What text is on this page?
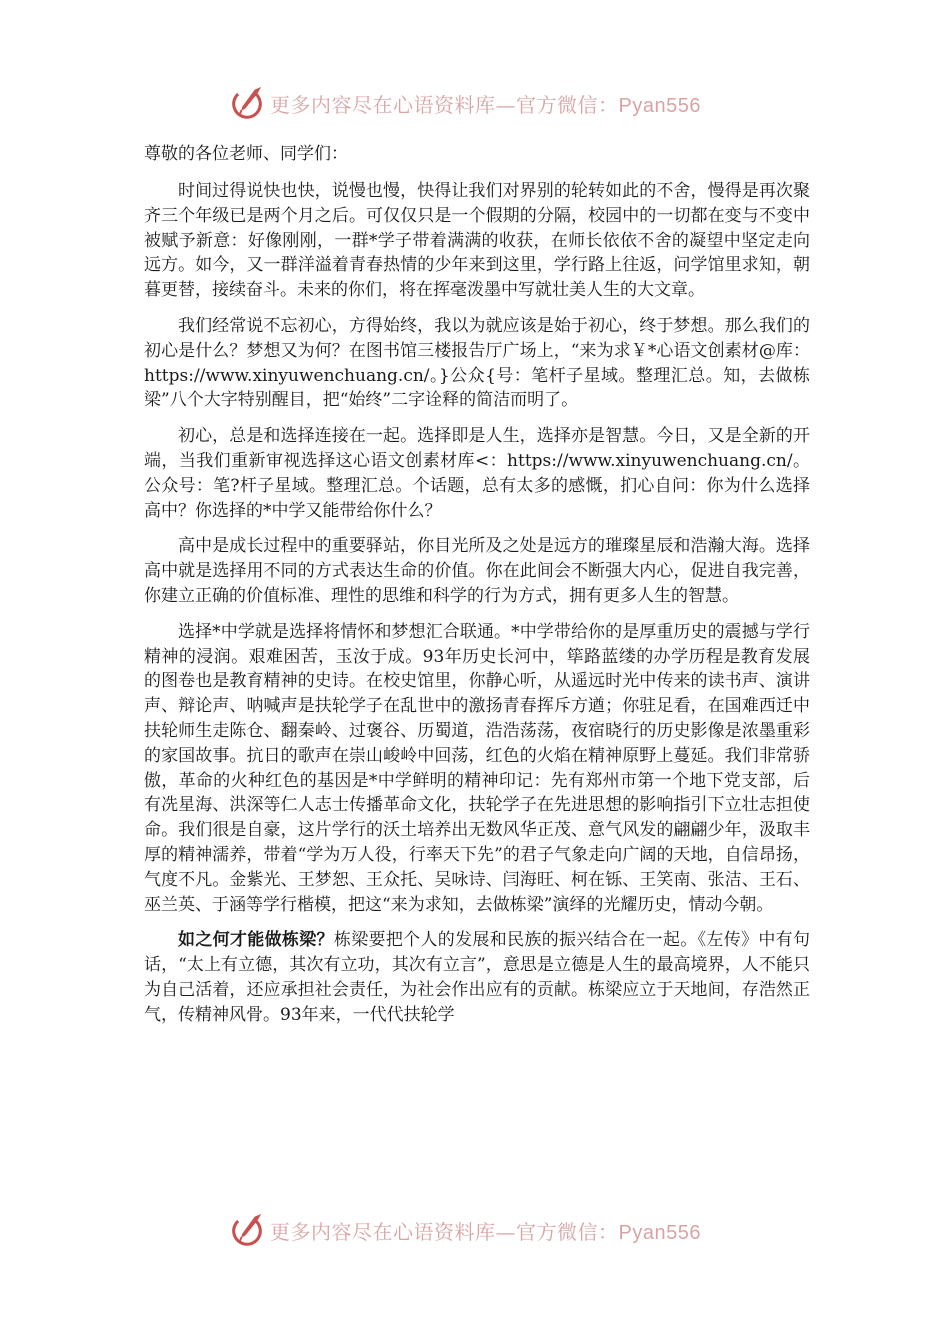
更多内容尽在心语资料库—官方微信：Pyan556

尊敬的各位老师、同学们：

时间过得说快也快，说慢也慢，快得让我们对界别的轮转如此的不舍，慢得是再次聚齐三个年级已是两个月之后。可仅仅只是一个假期的分隔，校园中的一切都在变与不变中被赋予新意：好像刚刚，一群*学子带着满满的收获，在师长依依不舍的凝望中坚定走向远方。如今，又一群洋溢着青春热情的少年来到这里，学行路上往返，问学馆里求知，朝暮更替，接续奋斗。未来的你们，将在挥毫泼墨中写就壮美人生的大文章。

我们经常说不忘初心，方得始终，我以为就应该是始于初心，终于梦想。那么我们的初心是什么？梦想又为何？在图书馆三楼报告厅广场上，“来为求￥*心语文创素材@库：https://www.xinyuwenchuang.cn/。}公众{号：笔杆子星域。整理汇总。知，去做栋梁”八个大字特别醒目，把“始终”二字诠释的简洁而明了。

初心，总是和选择连接在一起。选择即是人生，选择亦是智慧。今日，又是全新的开端，当我们重新审视选择这心语文创素材库<：https://www.xinyuwenchuang.cn/。公众号：笔?杆子星域。整理汇总。个话题，总有太多的感慨，扪心自问：你为什么选择高中？你选择的*中学又能带给你什么？

高中是成长过程中的重要驿站，你目光所及之处是远方的璀璨星辰和浩瀚大海。选择高中就是选择用不同的方式表达生命的价值。你在此间会不断强大内心，促进自我完善，你建立正确的价值标准、理性的思维和科学的行为方式，拥有更多人生的智慧。

选择*中学就是选择将情怀和梦想汇合联通。*中学带给你的是厚重历史的震撼与学行精神的浸润。艰难困苦，玉汝于成。93年历史长河中，筚路蓝缕的办学历程是教育发展的图卷也是教育精神的史诗。在校史馆里，你静心听，从遥远时光中传来的读书声、演讲声、辩论声、呐喊声是扶轮学子在乱世中的激扬青春挥斥方遒；你驻足看，在国难西迁中扶轮师生走陈仓、翻秦岭、过褒谷、历蜀道，浩浩荡荡，夜宿晓行的历史影像是浓墨重彩的家国故事。抗日的歌声在崇山峻岭中回荡，红色的火焰在精神原野上蔓延。我们非常骄傲，革命的火种红色的基因是*中学鲜明的精神印记：先有郑州市第一个地下党支部，后有冼星海、洪深等仁人志士传播革命文化，扶轮学子在先进思想的影响指引下立壮志担使命。我们很是自豪，这片学行的沃土培养出无数风华正茂、意气风发的翩翩少年，汲取丰厚的精神濡养，带着“学为万人役，行率天下先”的君子气象走向广阔的天地，自信昂扬，气度不凡。金紫光、王梦恕、王众托、吴咏诗、闫海旺、柯在铄、王笑南、张洁、王石、巫兰英、于涵等学行楷模，把这“来为求知，去做栋梁”演绎的光耀历史，情动今朝。

如之何才能做栋梁？栋梁要把个人的发展和民族的振兴结合在一起。《左传》中有句话，“太上有立德，其次有立功，其次有立言”，意思是立德是人生的最高境界，人不能只为自己活着，还应承担社会责任，为社会作出应有的贡献。栋梁应立于天地间，存浩然正气，传精神风骨。93年来，一代代扶轮学

更多内容尽在心语资料库—官方微信：Pyan556
